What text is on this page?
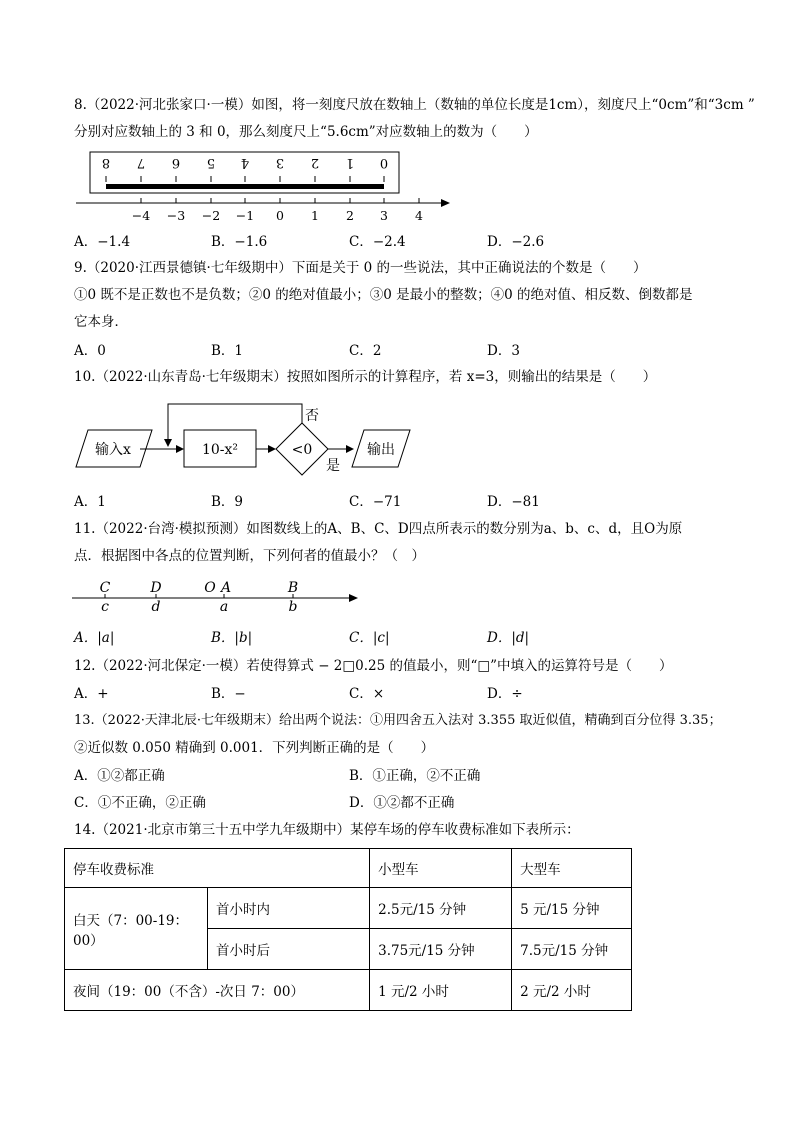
8.（2022·河北张家口·一模）如图，将一刻度尺放在数轴上（数轴的单位长度是1cm），刻度尺上“0cm”和“3cm ”
分别对应数轴上的 3 和 0，那么刻度尺上“5.6cm”对应数轴上的数为（　　）
8 7 6 5 4 3 2 1 0
−4 −3 −2 −1 0 1 2 3 4
A．−1.4	B．−1.6	C．−2.4	D．−2.6
9.（2020·江西景德镇·七年级期中）下面是关于 0 的一些说法，其中正确说法的个数是（　　）
①0 既不是正数也不是负数；②0 的绝对值最小；③0 是最小的整数；④0 的绝对值、相反数、倒数都是
它本身．
A．0	B．1	C．2	D．3
10.（2022·山东青岛·七年级期末）按照如图所示的计算程序，若 x=3，则输出的结果是（　　）
输入x	10-x²	<0
否
是
输出
A．1	B．9	C．−71	D．−81
11.（2022·台湾·模拟预测）如图数线上的A、B、C、D四点所表示的数分别为a、b、c、d，且O为原
点．根据图中各点的位置判断，下列何者的值最小？（　）
C	D	O A	B
c	d	a	b
A．|a|	B．|b|	C．|c|	D．|d|
12.（2022·河北保定·一模）若使得算式 − 2□0.25 的值最小，则“□”中填入的运算符号是（　　）
A．+	B．−	C．×	D．÷
13.（2022·天津北辰·七年级期末）给出两个说法：①用四舍五入法对 3.355 取近似值，精确到百分位得 3.35；
②近似数 0.050 精确到 0.001．下列判断正确的是（　　）
A．①②都正确	B．①正确，②不正确
C．①不正确，②正确	D．①②都不正确
14.（2021·北京市第三十五中学九年级期中）某停车场的停车收费标准如下表所示：
停车收费标准		小型车	大型车
白天（7：00-19：00）	首小时内	2.5元/15 分钟	5 元/15 分钟
	首小时后	3.75元/15 分钟	7.5元/15 分钟
夜间（19：00（不含）-次日 7：00）		1 元/2 小时	2 元/2 小时
